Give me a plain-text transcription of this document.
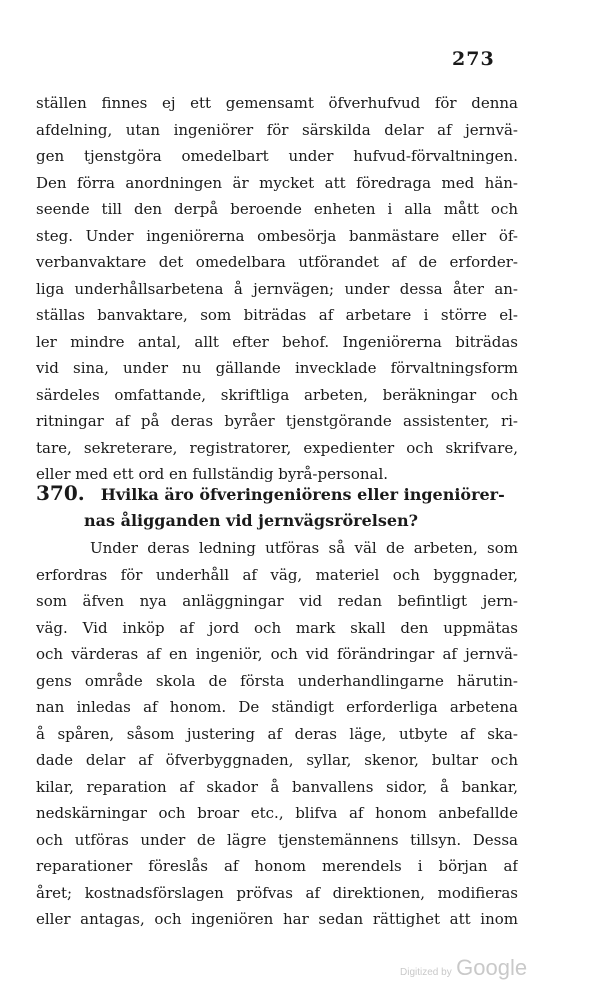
273
ställen finnes ej ett gemensamt öfverhufvud för denna
afdelning, utan ingeniörer för särskilda delar af jernvä-
gen tjenstgöra omedelbart under hufvud-förvaltningen.
Den förra anordningen är mycket att föredraga med hän-
seende till den derpå beroende enheten i alla mått och
steg. Under ingeniörerna ombesörja banmästare eller öf-
verbanvaktare det omedelbara utförandet af de erforder-
liga underhållsarbetena å jernvägen; under dessa åter an-
ställas banvaktare, som biträdas af arbetare i större el-
ler mindre antal, allt efter behof. Ingeniörerna biträdas
vid sina, under nu gällande invecklade förvaltningsform
särdeles omfattande, skriftliga arbeten, beräkningar och
ritningar af på deras byråer tjenstgörande assistenter, ri-
tare, sekreterare, registratorer, expedienter och skrifvare,
eller med ett ord en fullständig byrå-personal.
370. Hvilka äro öfveringeniörens eller ingeniörer-
nas åligganden vid jernvägsrörelsen?
Under deras ledning utföras så väl de arbeten, som
erfordras för underhåll af väg, materiel och byggnader,
som äfven nya anläggningar vid redan befintligt jern-
väg. Vid inköp af jord och mark skall den uppmätas
och värderas af en ingeniör, och vid förändringar af jernvä-
gens område skola de första underhandlingarne härutin-
nan inledas af honom. De ständigt erforderliga arbetena
å spåren, såsom justering af deras läge, utbyte af ska-
dade delar af öfverbyggnaden, syllar, skenor, bultar och
kilar, reparation af skador å banvallens sidor, å bankar,
nedskärningar och broar etc., blifva af honom anbefallde
och utföras under de lägre tjenstemännens tillsyn. Dessa
reparationer föreslås af honom merendels i början af
året; kostnadsförslagen pröfvas af direktionen, modifieras
eller antagas, och ingeniören har sedan rättighet att inom
Digitized by Google
